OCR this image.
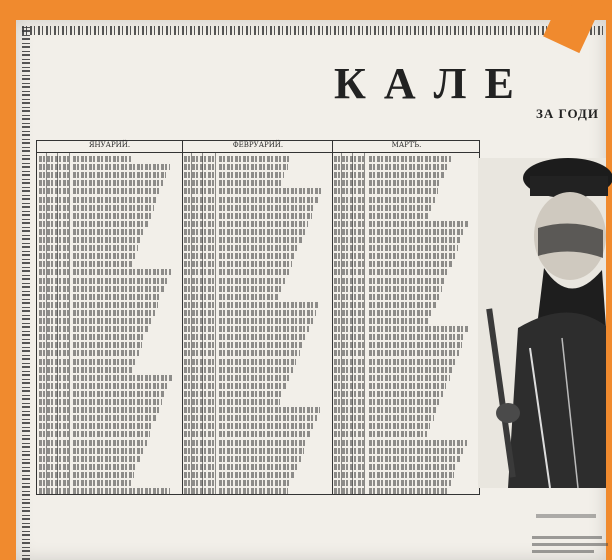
КАЛЕ
ЗА ГОДИ
ЯНУАРИЙ.	ФЕВРУАРИЙ.	МАРТЪ.
